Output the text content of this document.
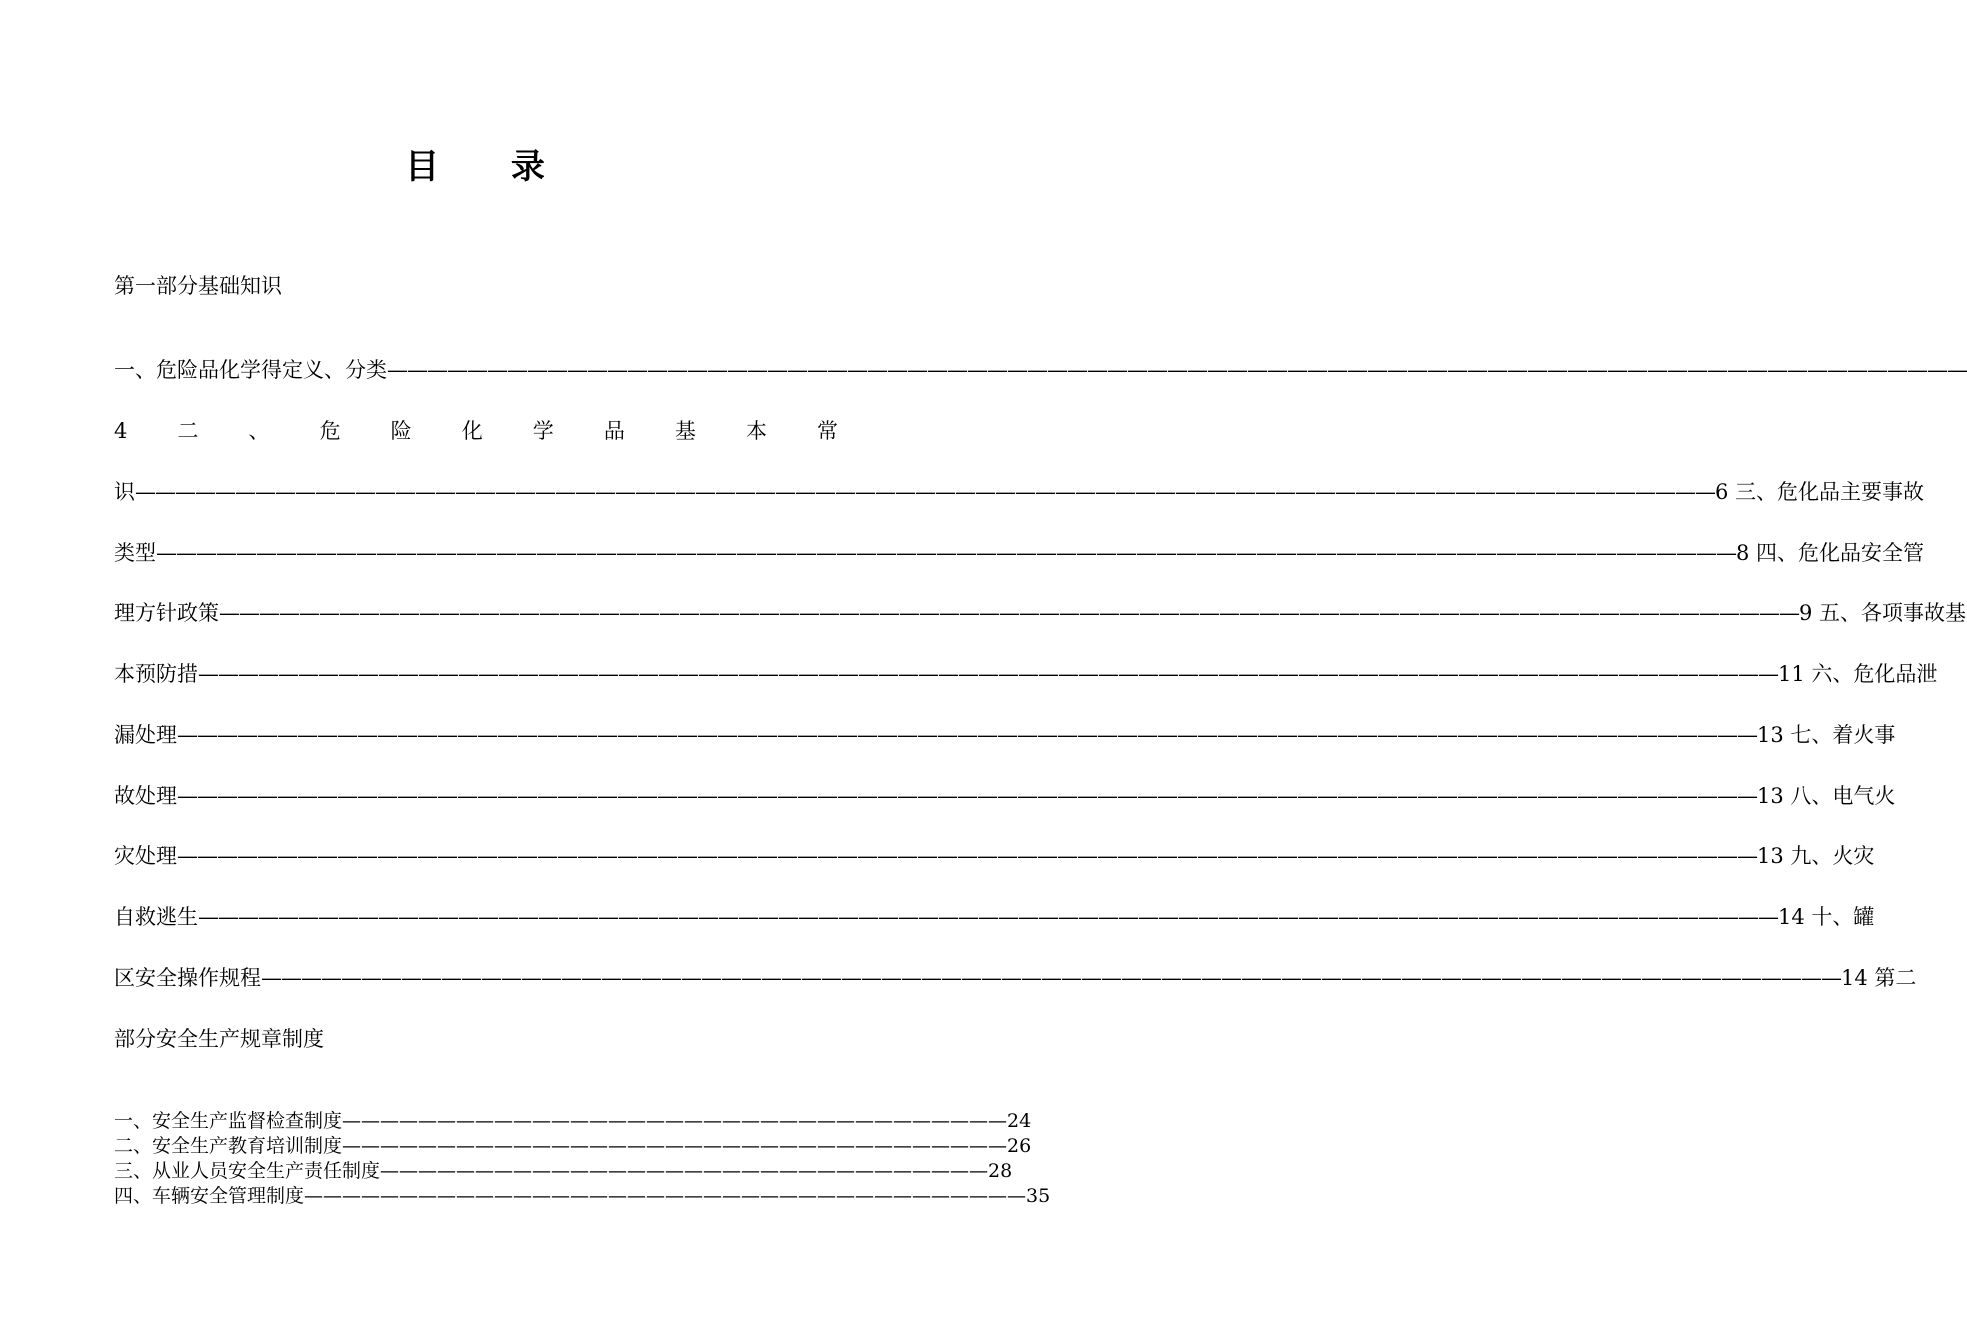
目 录
第一部分基础知识
一、危险品化学得定义、分类 ———————————————————————————————————————————————————————————————————————————————
4 二 、 危 险 化 学 品 基 本 常
识 ——————————————————————————————————————————————————————————————————————————————— 6 三、危化品主要事故
类型 ——————————————————————————————————————————————————————————————————————————————— 8 四、危化品安全管
理方针政策 ——————————————————————————————————————————————————————————————————————————————— 9 五、各项事故基
本预防措 ——————————————————————————————————————————————————————————————————————————————— 11 六、危化品泄
漏处理 ——————————————————————————————————————————————————————————————————————————————— 13 七、着火事
故处理 ——————————————————————————————————————————————————————————————————————————————— 13 八、电气火
灾处理 ——————————————————————————————————————————————————————————————————————————————— 13 九、火灾
自救逃生 ——————————————————————————————————————————————————————————————————————————————— 14 十、罐
区安全操作规程 ——————————————————————————————————————————————————————————————————————————————— 14 第二
部分安全生产规章制度
一、安全生产监督检查制度———————————————————————————————————24
二、安全生产教育培训制度———————————————————————————————————26
三、从业人员安全生产责任制度————————————————————————————————28
四、车辆安全管理制度——————————————————————————————————————35
